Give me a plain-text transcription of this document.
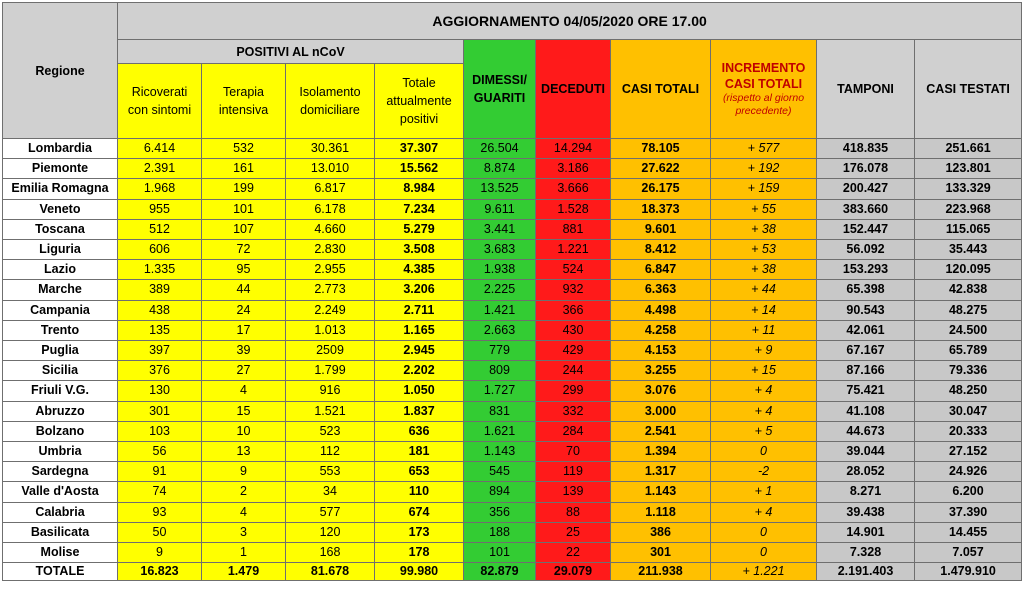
Regione	AGGIORNAMENTO 04/05/2020 ORE 17.00									
	POSITIVI AL nCoV				DIMESSI/ GUARITI	DECEDUTI	CASI TOTALI	INCREMENTO CASI TOTALI
(rispetto al giorno precedente)	TAMPONI	CASI TESTATI
	Ricoverati con sintomi	Terapia intensiva	Isolamento domiciliare	Totale attualmente positivi						
Lombardia	6.414	532	30.361	37.307	26.504	14.294	78.105	+ 577	418.835	251.661
Piemonte	2.391	161	13.010	15.562	8.874	3.186	27.622	+ 192	176.078	123.801
Emilia Romagna	1.968	199	6.817	8.984	13.525	3.666	26.175	+ 159	200.427	133.329
Veneto	955	101	6.178	7.234	9.611	1.528	18.373	+ 55	383.660	223.968
Toscana	512	107	4.660	5.279	3.441	881	9.601	+ 38	152.447	115.065
Liguria	606	72	2.830	3.508	3.683	1.221	8.412	+ 53	56.092	35.443
Lazio	1.335	95	2.955	4.385	1.938	524	6.847	+ 38	153.293	120.095
Marche	389	44	2.773	3.206	2.225	932	6.363	+ 44	65.398	42.838
Campania	438	24	2.249	2.711	1.421	366	4.498	+ 14	90.543	48.275
Trento	135	17	1.013	1.165	2.663	430	4.258	+ 11	42.061	24.500
Puglia	397	39	2509	2.945	779	429	4.153	+ 9	67.167	65.789
Sicilia	376	27	1.799	2.202	809	244	3.255	+ 15	87.166	79.336
Friuli V.G.	130	4	916	1.050	1.727	299	3.076	+ 4	75.421	48.250
Abruzzo	301	15	1.521	1.837	831	332	3.000	+ 4	41.108	30.047
Bolzano	103	10	523	636	1.621	284	2.541	+ 5	44.673	20.333
Umbria	56	13	112	181	1.143	70	1.394	0	39.044	27.152
Sardegna	91	9	553	653	545	119	1.317	-2	28.052	24.926
Valle d'Aosta	74	2	34	110	894	139	1.143	+ 1	8.271	6.200
Calabria	93	4	577	674	356	88	1.118	+ 4	39.438	37.390
Basilicata	50	3	120	173	188	25	386	0	14.901	14.455
Molise	9	1	168	178	101	22	301	0	7.328	7.057
TOTALE	16.823	1.479	81.678	99.980	82.879	29.079	211.938	+ 1.221	2.191.403	1.479.910
